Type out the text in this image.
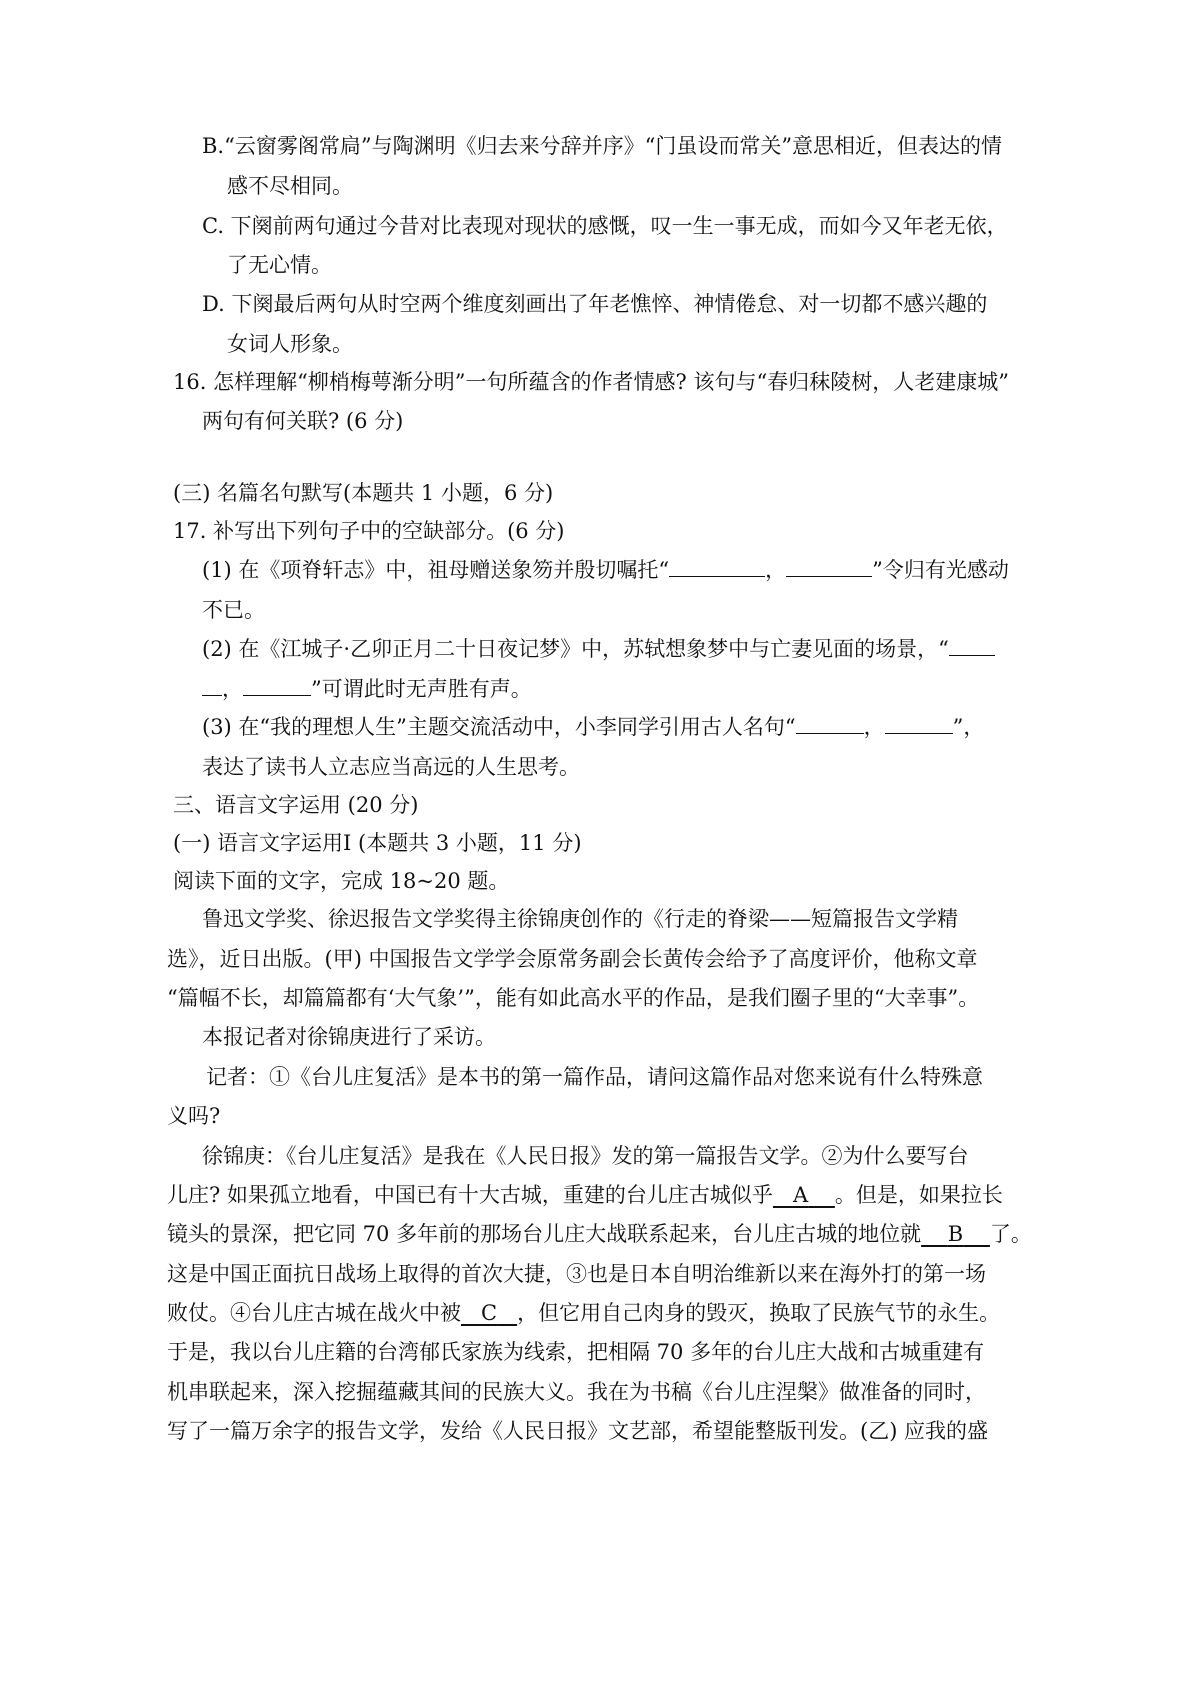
B.“云窗雾阁常扃”与陶渊明《归去来兮辞并序》“门虽设而常关”意思相近，但表达的情
感不尽相同。
C. 下阕前两句通过今昔对比表现对现状的感慨，叹一生一事无成，而如今又年老无依，
了无心情。
D. 下阕最后两句从时空两个维度刻画出了年老憔悴、神情倦怠、对一切都不感兴趣的
女词人形象。
16. 怎样理解“柳梢梅萼渐分明”一句所蕴含的作者情感? 该句与“春归秣陵树，人老建康城”
两句有何关联? (6 分)
(三) 名篇名句默写(本题共 1 小题，6 分)
17. 补写出下列句子中的空缺部分。(6 分)
(1) 在《项脊轩志》中，祖母赠送象笏并殷切嘱托“	，	”令归有光感动
不已。
(2) 在《江城子·乙卯正月二十日夜记梦》中，苏轼想象梦中与亡妻见面的场景，“
，	”可谓此时无声胜有声。
(3) 在“我的理想人生”主题交流活动中，小李同学引用古人名句“	，	”，
表达了读书人立志应当高远的人生思考。
三、语言文字运用 (20 分)
(一) 语言文字运用Ⅰ (本题共 3 小题，11 分)
阅读下面的文字，完成 18~20 题。
鲁迅文学奖、徐迟报告文学奖得主徐锦庚创作的《行走的脊梁——短篇报告文学精
选》，近日出版。(甲) 中国报告文学学会原常务副会长黄传会给予了高度评价，他称文章
“篇幅不长，却篇篇都有‘大气象’”，能有如此高水平的作品，是我们圈子里的“大幸事”。
本报记者对徐锦庚进行了采访。
记者：①《台儿庄复活》是本书的第一篇作品，请问这篇作品对您来说有什么特殊意
义吗?
徐锦庚：《台儿庄复活》是我在《人民日报》发的第一篇报告文学。②为什么要写台
儿庄? 如果孤立地看，中国已有十大古城，重建的台儿庄古城似乎 A 。但是，如果拉长
镜头的景深，把它同 70 多年前的那场台儿庄大战联系起来，台儿庄古城的地位就 B 了。
这是中国正面抗日战场上取得的首次大捷，③也是日本自明治维新以来在海外打的第一场
败仗。④台儿庄古城在战火中被 C ，但它用自己肉身的毁灭，换取了民族气节的永生。
于是，我以台儿庄籍的台湾郁氏家族为线索，把相隔 70 多年的台儿庄大战和古城重建有
机串联起来，深入挖掘蕴藏其间的民族大义。我在为书稿《台儿庄涅槃》做准备的同时，
写了一篇万余字的报告文学，发给《人民日报》文艺部，希望能整版刊发。(乙) 应我的盛
